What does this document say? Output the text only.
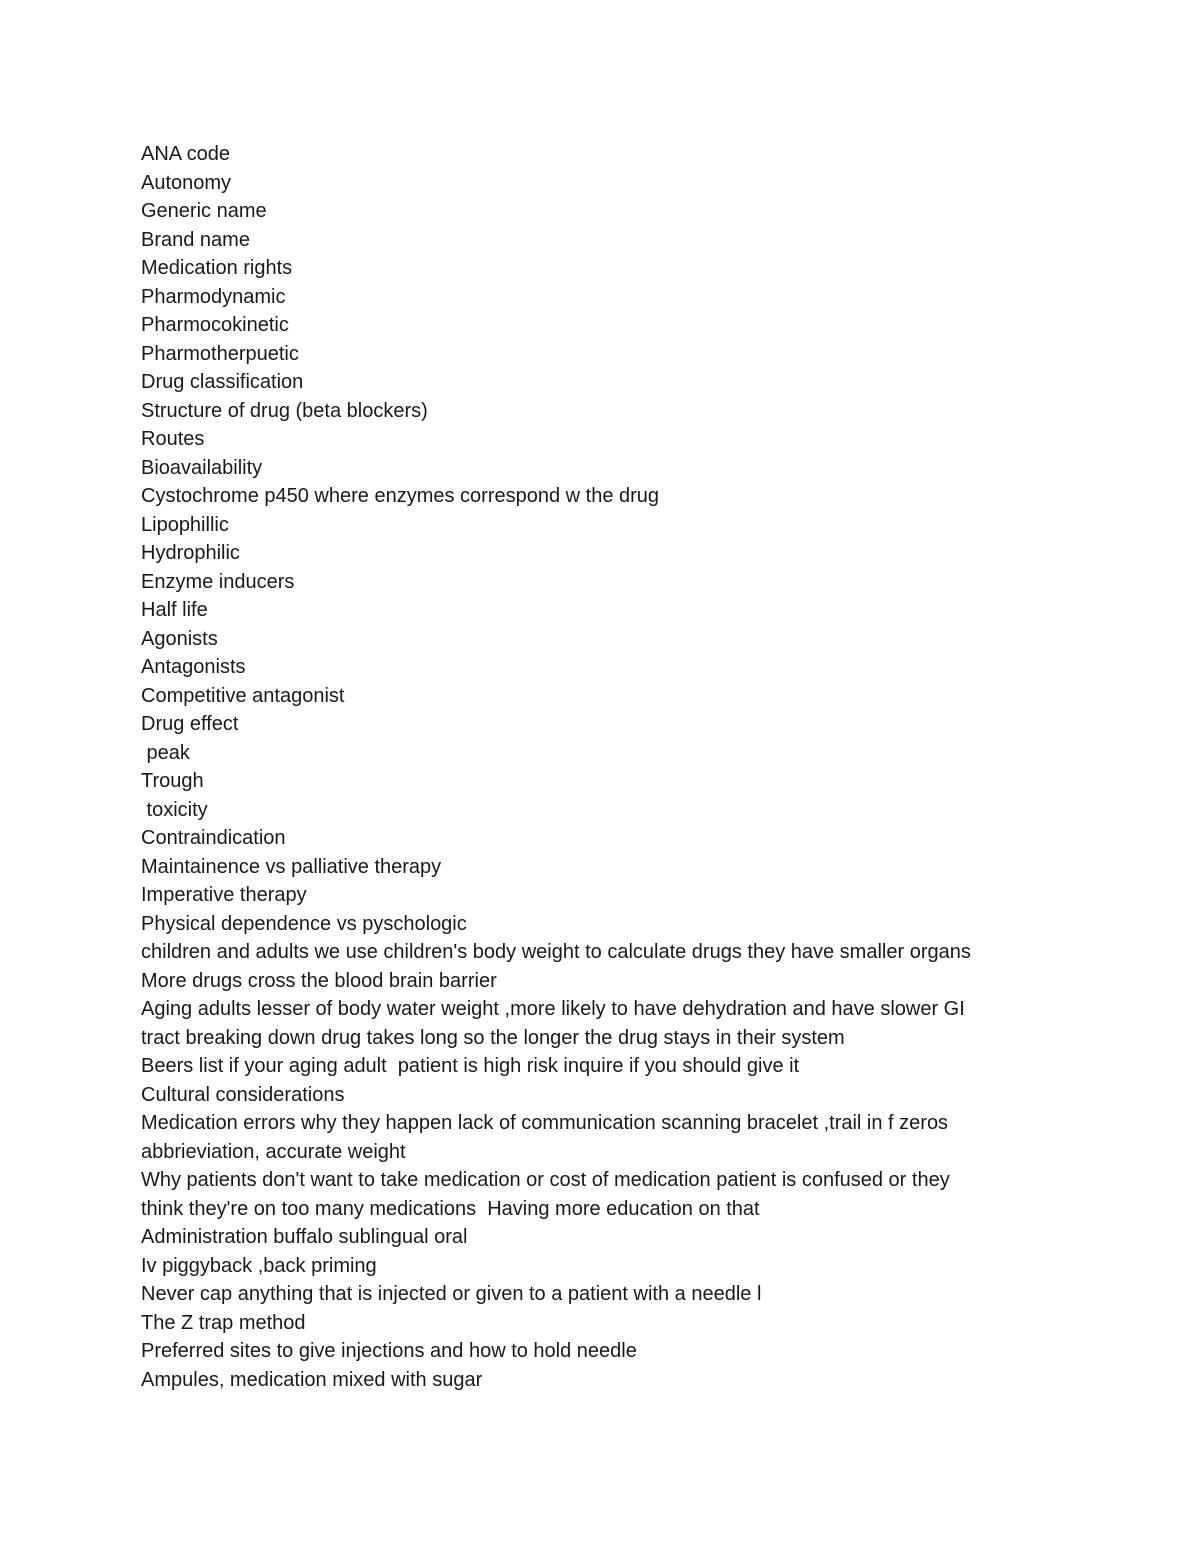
ANA code
Autonomy
Generic name
Brand name
Medication rights
Pharmodynamic
Pharmocokinetic
Pharmotherpuetic
Drug classification
Structure of drug (beta blockers)
Routes
Bioavailability
Cystochrome p450 where enzymes correspond w the drug
Lipophillic
Hydrophilic
Enzyme inducers
Half life
Agonists
Antagonists
Competitive antagonist
Drug effect
peak
Trough
toxicity
Contraindication
Maintainence vs palliative therapy
Imperative therapy
Physical dependence vs pyschologic
children and adults we use children's body weight to calculate drugs they have smaller organs
More drugs cross the blood brain barrier
Aging adults lesser of body water weight ,more likely to have dehydration and have slower GI
tract breaking down drug takes long so the longer the drug stays in their system
Beers list if your aging adult  patient is high risk inquire if you should give it
Cultural considerations
Medication errors why they happen lack of communication scanning bracelet ,trail in f zeros
abbrieviation, accurate weight
Why patients don't want to take medication or cost of medication patient is confused or they
think they're on too many medications  Having more education on that
Administration buffalo sublingual oral
Iv piggyback ,back priming
Never cap anything that is injected or given to a patient with a needle l
The Z trap method
Preferred sites to give injections and how to hold needle
Ampules, medication mixed with sugar
